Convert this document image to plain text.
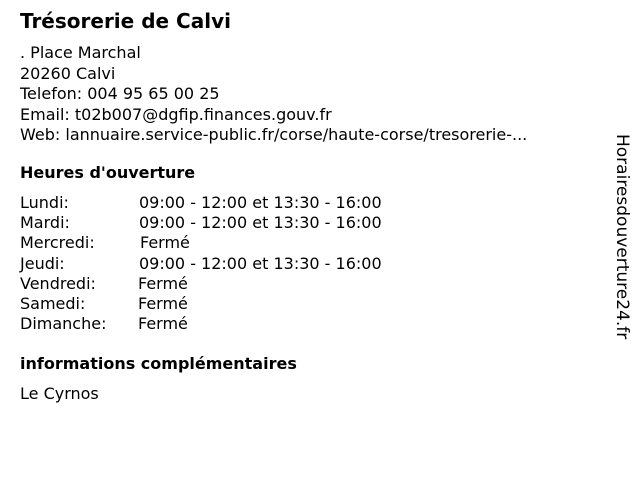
Trésorerie de Calvi
. Place Marchal
20260 Calvi
Telefon: 004 95 65 00 25
Email: t02b007@dgfip.finances.gouv.fr
Web: lannuaire.service-public.fr/corse/haute-corse/tresorerie-...
Heures d'ouverture
Lundi:	09:00 - 12:00 et 13:30 - 16:00
Mardi:	09:00 - 12:00 et 13:30 - 16:00
Mercredi:	Fermé
Jeudi:	09:00 - 12:00 et 13:30 - 16:00
Vendredi:	Fermé
Samedi:	Fermé
Dimanche: Fermé
informations complémentaires
Le Cyrnos
Horairesdouverture24.fr
